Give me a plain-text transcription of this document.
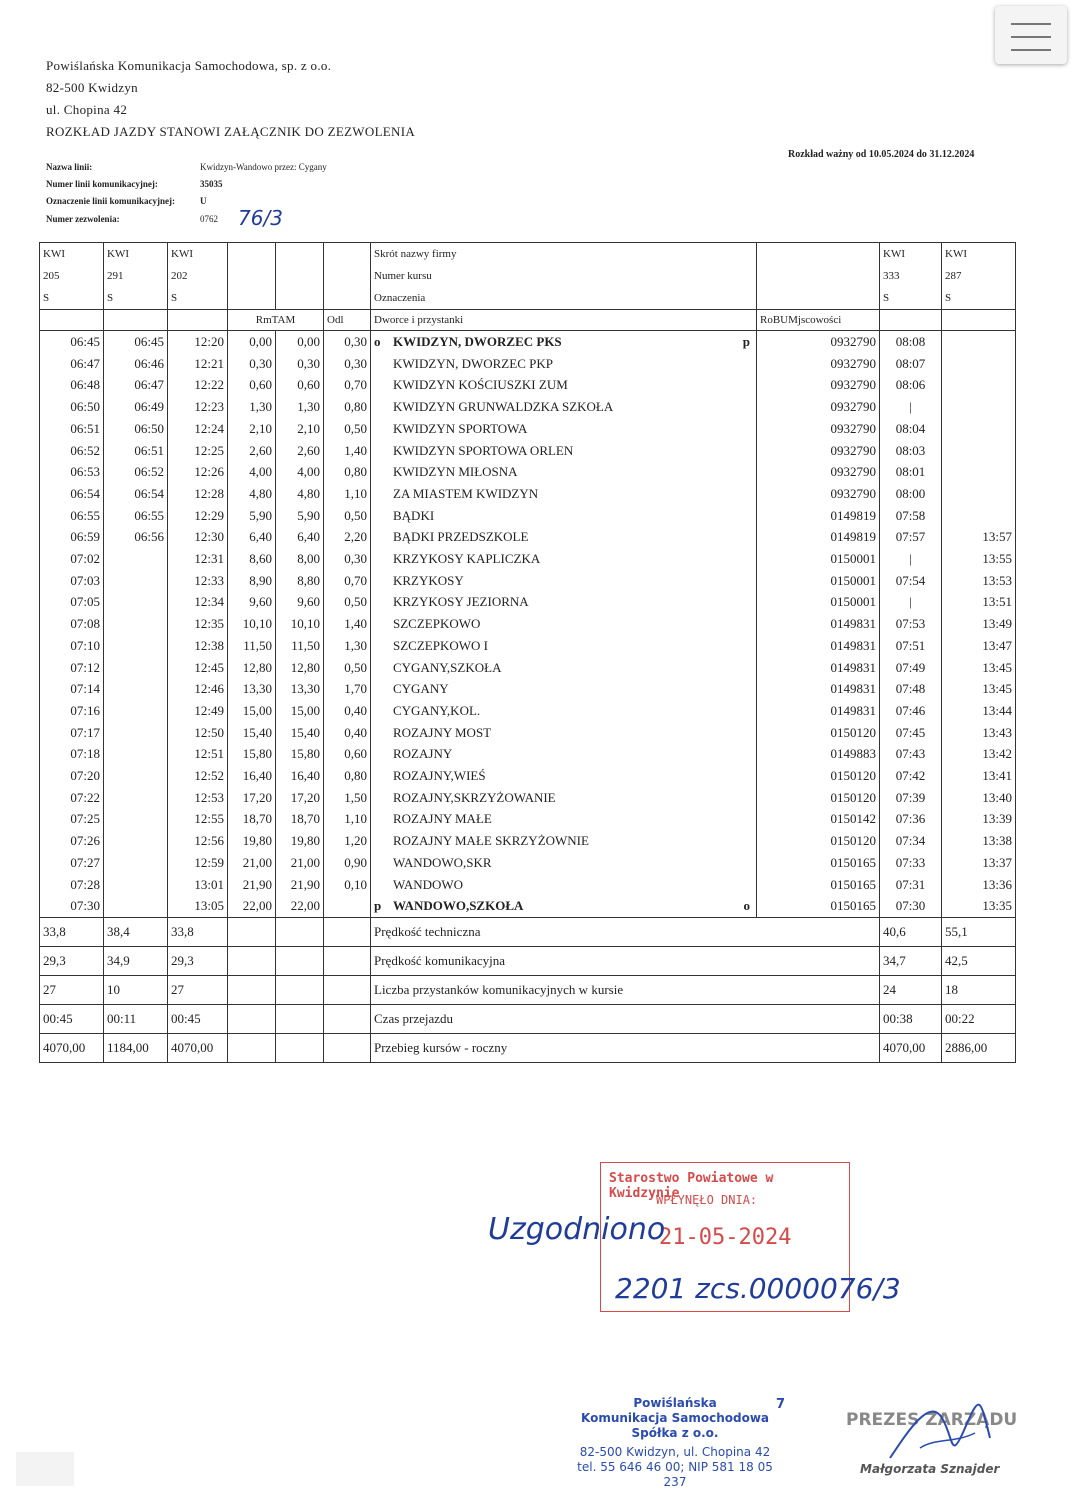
Powiślańska Komunikacja Samochodowa, sp. z o.o.
82-500 Kwidzyn
ul. Chopina 42
ROZKŁAD JAZDY STANOWI ZAŁĄCZNIK DO ZEZWOLENIA
Rozkład ważny od 10.05.2024 do 31.12.2024
Nazwa linii:	Kwidzyn-Wandowo przez: Cygany
Numer linii komunikacyjnej:	35035
Oznaczenie linii komunikacyjnej:	U
Numer zezwolenia:	0762 76/3
KWI
205
S	KWI
291
S	KWI
202
S				Skrót nazwy firmy
Numer kursu
Oznaczenia		KWI
333
S	KWI
287
S
			RmTAM		Odl	Dworce i przystanki	RoBUMjscowości		
06:45	06:45	12:20	0,00	0,00	0,30	o KWIDZYN, DWORZEC PKS p	0932790	08:08	
06:47	06:46	12:21	0,30	0,30	0,30	KWIDZYN, DWORZEC PKP	0932790	08:07	
06:48	06:47	12:22	0,60	0,60	0,70	KWIDZYN KOŚCIUSZKI ZUM	0932790	08:06	
06:50	06:49	12:23	1,30	1,30	0,80	KWIDZYN GRUNWALDZKA SZKOŁA	0932790	|	
06:51	06:50	12:24	2,10	2,10	0,50	KWIDZYN SPORTOWA	0932790	08:04	
06:52	06:51	12:25	2,60	2,60	1,40	KWIDZYN SPORTOWA ORLEN	0932790	08:03	
06:53	06:52	12:26	4,00	4,00	0,80	KWIDZYN MIŁOSNA	0932790	08:01	
06:54	06:54	12:28	4,80	4,80	1,10	ZA MIASTEM KWIDZYN	0932790	08:00	
06:55	06:55	12:29	5,90	5,90	0,50	BĄDKI	0149819	07:58	
06:59	06:56	12:30	6,40	6,40	2,20	BĄDKI PRZEDSZKOLE	0149819	07:57	13:57
07:02		12:31	8,60	8,00	0,30	KRZYKOSY KAPLICZKA	0150001	|	13:55
07:03		12:33	8,90	8,80	0,70	KRZYKOSY	0150001	07:54	13:53
07:05		12:34	9,60	9,60	0,50	KRZYKOSY JEZIORNA	0150001	|	13:51
07:08		12:35	10,10	10,10	1,40	SZCZEPKOWO	0149831	07:53	13:49
07:10		12:38	11,50	11,50	1,30	SZCZEPKOWO I	0149831	07:51	13:47
07:12		12:45	12,80	12,80	0,50	CYGANY,SZKOŁA	0149831	07:49	13:45
07:14		12:46	13,30	13,30	1,70	CYGANY	0149831	07:48	13:45
07:16		12:49	15,00	15,00	0,40	CYGANY,KOL.	0149831	07:46	13:44
07:17		12:50	15,40	15,40	0,40	ROZAJNY MOST	0150120	07:45	13:43
07:18		12:51	15,80	15,80	0,60	ROZAJNY	0149883	07:43	13:42
07:20		12:52	16,40	16,40	0,80	ROZAJNY,WIEŚ	0150120	07:42	13:41
07:22		12:53	17,20	17,20	1,50	ROZAJNY,SKRZYŻOWANIE	0150120	07:39	13:40
07:25		12:55	18,70	18,70	1,10	ROZAJNY MAŁE	0150142	07:36	13:39
07:26		12:56	19,80	19,80	1,20	ROZAJNY MAŁE SKRZYŻOWNIE	0150120	07:34	13:38
07:27		12:59	21,00	21,00	0,90	WANDOWO,SKR	0150165	07:33	13:37
07:28		13:01	21,90	21,90	0,10	WANDOWO	0150165	07:31	13:36
07:30		13:05	22,00	22,00		p WANDOWO,SZKOŁA o	0150165	07:30	13:35
33,8	38,4	33,8				Prędkość techniczna		40,6	55,1
29,3	34,9	29,3				Prędkość komunikacyjna		34,7	42,5
27	10	27				Liczba przystanków komunikacyjnych w kursie		24	18
00:45	00:11	00:45				Czas przejazdu		00:38	00:22
4070,00	1184,00	4070,00				Przebieg kursów - roczny		4070,00	2886,00
Starostwo Powiatowe w Kwidzynie
WPŁYNĘŁO DNIA:
21-05-2024
Uzgodniono
2201 zcs.0000076/3
Powiślańska
Komunikacja Samochodowa
Spółka z o.o.
82-500 Kwidzyn, ul. Chopina 42
tel. 55 646 46 00; NIP 581 18 05 237
7
PREZES ZARZĄDU
Małgorzata Sznajder
